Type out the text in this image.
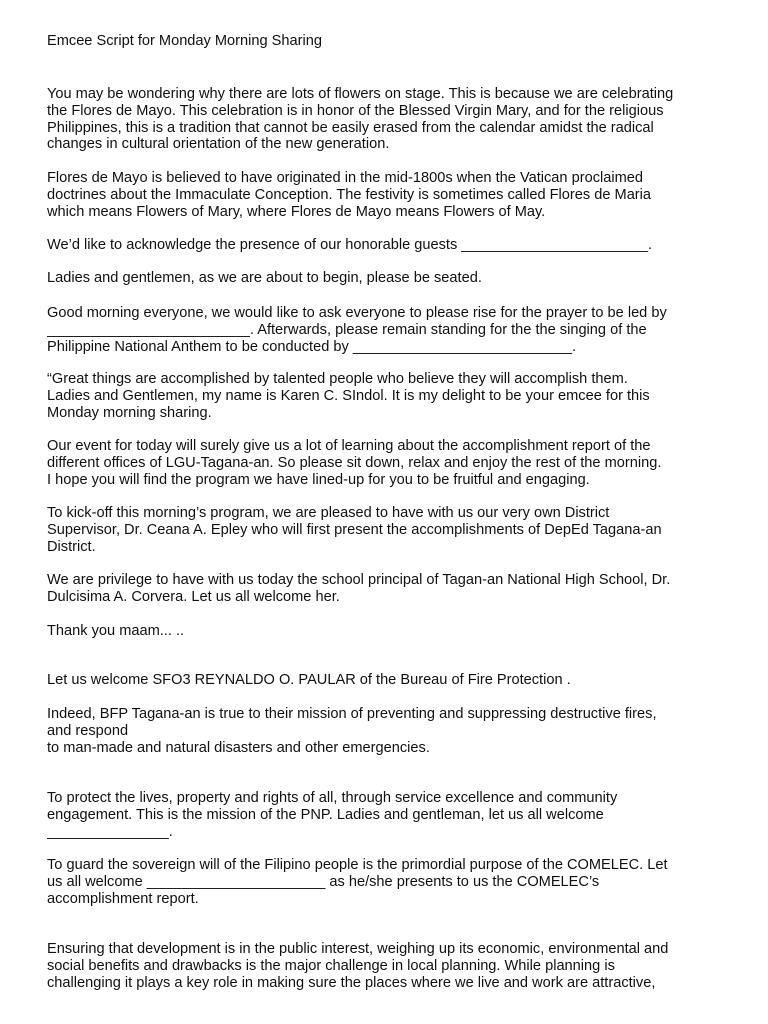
Emcee Script for Monday Morning Sharing

You may be wondering why there are lots of flowers on stage. This is because we are celebrating
the Flores de Mayo. This celebration is in honor of the Blessed Virgin Mary, and for the religious
Philippines, this is a tradition that cannot be easily erased from the calendar amidst the radical
changes in cultural orientation of the new generation.

Flores de Mayo is believed to have originated in the mid-1800s when the Vatican proclaimed
doctrines about the Immaculate Conception. The festivity is sometimes called Flores de Maria
which means Flowers of Mary, where Flores de Mayo means Flowers of May.

We’d like to acknowledge the presence of our honorable guests _______________________.

Ladies and gentlemen, as we are about to begin, please be seated.

Good morning everyone, we would like to ask everyone to please rise for the prayer to be led by
_________________________. Afterwards, please remain standing for the the singing of the
Philippine National Anthem to be conducted by ___________________________.

“Great things are accomplished by talented people who believe they will accomplish them.
Ladies and Gentlemen, my name is Karen C. SIndol. It is my delight to be your emcee for this
Monday morning sharing.

Our event for today will surely give us a lot of learning about the accomplishment report of the
different offices of LGU-Tagana-an. So please sit down, relax and enjoy the rest of the morning.
I hope you will find the program we have lined-up for you to be fruitful and engaging.

To kick-off this morning’s program, we are pleased to have with us our very own District
Supervisor, Dr. Ceana A. Epley who will first present the accomplishments of DepEd Tagana-an
District.

We are privilege to have with us today the school principal of Tagan-an National High School, Dr.
Dulcisima A. Corvera. Let us all welcome her.

Thank you maam... ..

Let us welcome SFO3 REYNALDO O. PAULAR of the Bureau of Fire Protection .

Indeed, BFP Tagana-an is true to their mission of preventing and suppressing destructive fires,
and respond
to man-made and natural disasters and other emergencies.

To protect the lives, property and rights of all, through service excellence and community
engagement. This is the mission of the PNP. Ladies and gentleman, let us all welcome
_______________.

To guard the sovereign will of the Filipino people is the primordial purpose of the COMELEC. Let
us all welcome ______________________ as he/she presents to us the COMELEC’s
accomplishment report.

Ensuring that development is in the public interest, weighing up its economic, environmental and
social benefits and drawbacks is the major challenge in local planning. While planning is
challenging it plays a key role in making sure the places where we live and work are attractive,
